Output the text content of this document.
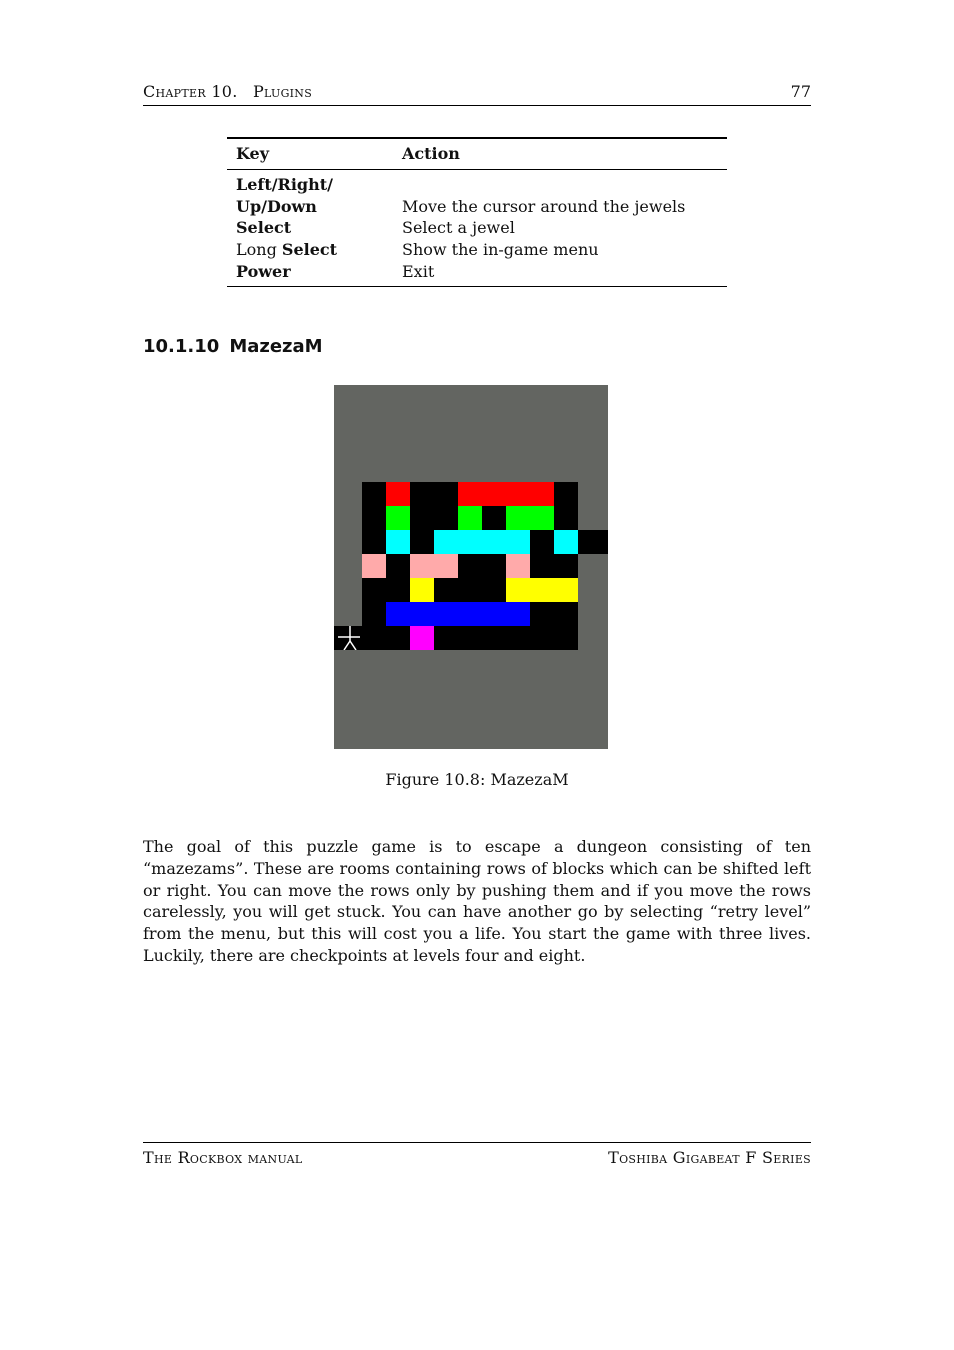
Chapter 10. Plugins	77
Key	Action
Left/Right/
Up/Down	Move the cursor around the jewels
Select	Select a jewel
Long Select	Show the in-game menu
Power	Exit
10.1.10 MazezaM
Figure 10.8: MazezaM
The goal of this puzzle game is to escape a dungeon consisting of ten “mazezams”. These are rooms containing rows of blocks which can be shifted left or right. You can move the rows only by pushing them and if you move the rows carelessly, you will get stuck. You can have another go by selecting “retry level” from the menu, but this will cost you a life. You start the game with three lives. Luckily, there are checkpoints at levels four and eight.
The Rockbox manual	Toshiba Gigabeat F Series
